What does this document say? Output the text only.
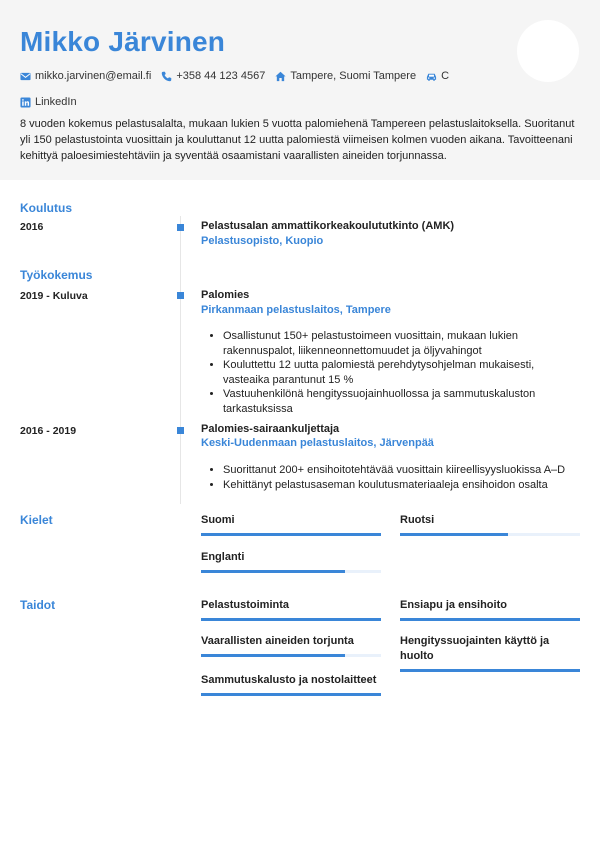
Mikko Järvinen
mikko.jarvinen@email.fi +358 44 123 4567 Tampere, Suomi Tampere C
LinkedIn

8 vuoden kokemus pelastusalalta, mukaan lukien 5 vuotta palomiehenä Tampereen pelastuslaitoksella. Suoritanut yli 150 pelastustointa vuosittain ja kouluttanut 12 uutta palomiestä viimeisen kolmen vuoden aikana. Tavoitteenani kehittyä paloesimiestehtäviin ja syventää osaamistani vaarallisten aineiden torjunnassa.

Koulutus
2016	Pelastusalan ammattikorkeakoulututkinto (AMK)
Pelastusopisto, Kuopio
Työkokemus
2019 - Kuluva	Palomies
Pirkanmaan pelastuslaitos, Tampere
• Osallistunut 150+ pelastustoimeen vuosittain, mukaan lukien rakennuspalot, liikenneonnettomuudet ja öljyvahingot
• Kouluttettu 12 uutta palomiestä perehdytysohjelman mukaisesti, vasteaika parantunut 15 %
• Vastuuhenkilönä hengityssuojainhuollossa ja sammutuskaluston tarkastuksissa
2016 - 2019	Palomies-sairaankuljettaja
Keski-Uudenmaan pelastuslaitos, Järvenpää
• Suorittanut 200+ ensihoitotehtävää vuosittain kiireellisyysluokissa A–D
• Kehittänyt pelastusaseman koulutusmateriaaleja ensihoidon osalta
Kielet	Suomi	Ruotsi
Englanti
Taidot	Pelastustoiminta	Ensiapu ja ensihoito
Vaarallisten aineiden torjunta	Hengityssuojainten käyttö ja huolto
Sammutuskalusto ja nostolaitteet
